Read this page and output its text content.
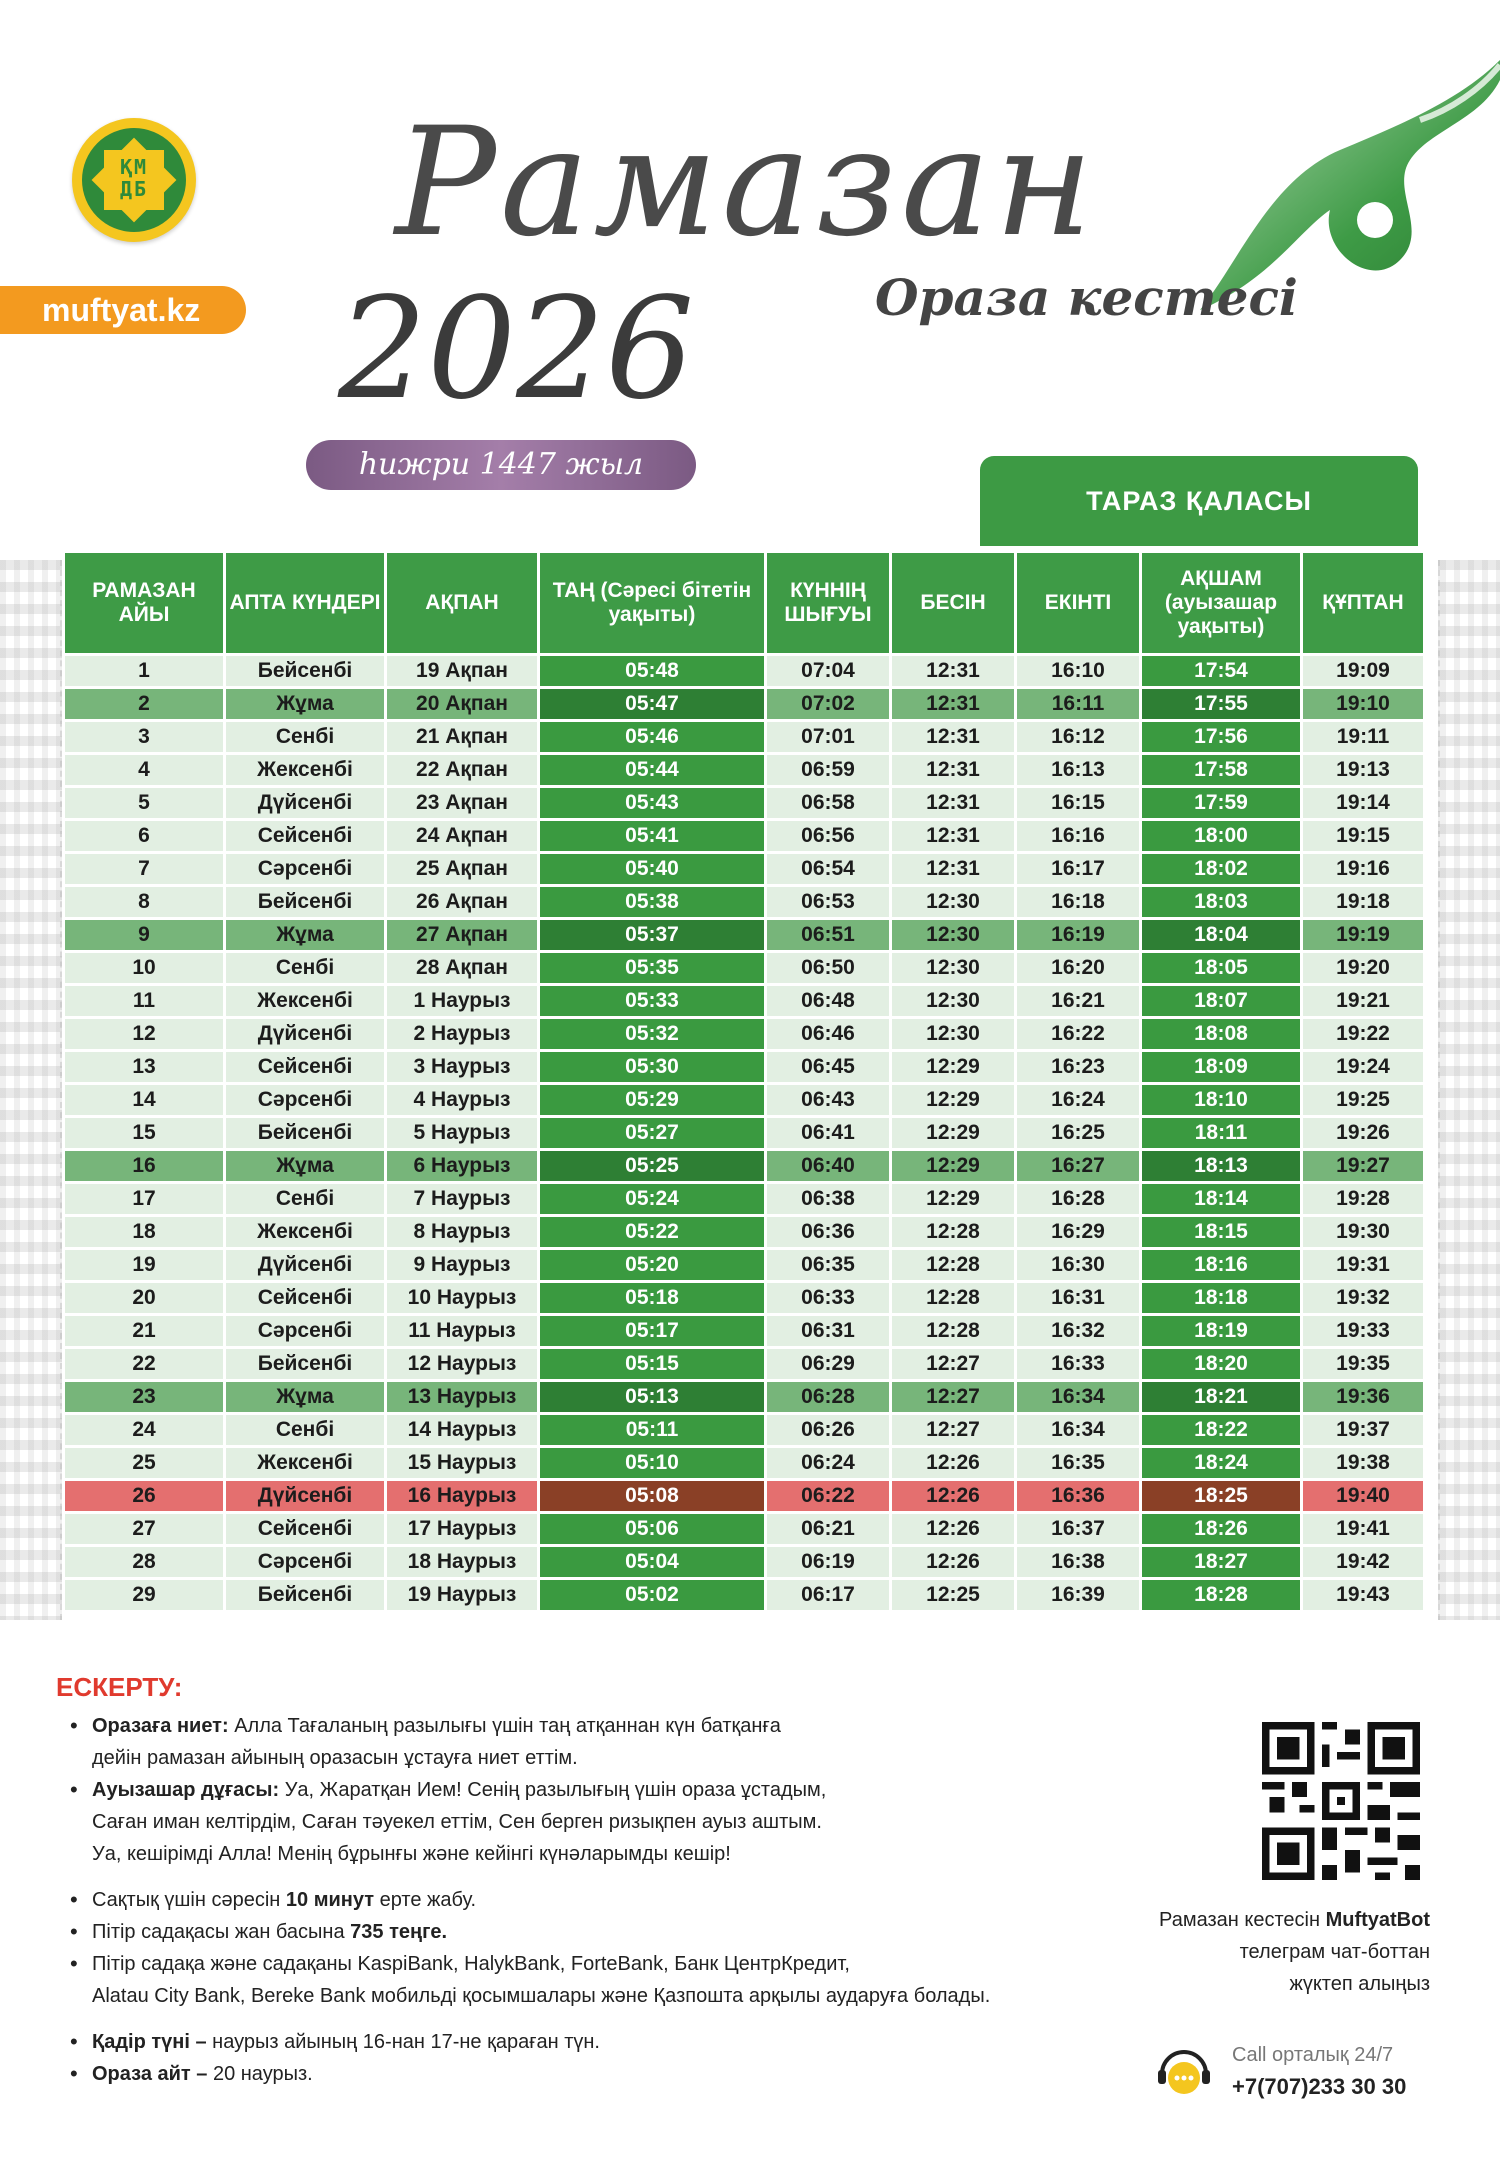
ҚМ
ДБ
muftyat.kz
Рамазан
Ораза кестесі
2026
һижри 1447 жыл
ТАРАЗ ҚАЛАСЫ
РАМАЗАН АЙЫ	АПТА КҮНДЕРІ	АҚПАН	ТАҢ (Сәресі бітетін уақыты)	КҮННІҢ ШЫҒУЫ	БЕСІН	ЕКІНТІ	АҚШАМ (ауызашар уақыты)	ҚҰПТАН
1	Бейсенбі	19 Ақпан	05:48	07:04	12:31	16:10	17:54	19:09
2	Жұма	20 Ақпан	05:47	07:02	12:31	16:11	17:55	19:10
3	Сенбі	21 Ақпан	05:46	07:01	12:31	16:12	17:56	19:11
4	Жексенбі	22 Ақпан	05:44	06:59	12:31	16:13	17:58	19:13
5	Дүйсенбі	23 Ақпан	05:43	06:58	12:31	16:15	17:59	19:14
6	Сейсенбі	24 Ақпан	05:41	06:56	12:31	16:16	18:00	19:15
7	Сәрсенбі	25 Ақпан	05:40	06:54	12:31	16:17	18:02	19:16
8	Бейсенбі	26 Ақпан	05:38	06:53	12:30	16:18	18:03	19:18
9	Жұма	27 Ақпан	05:37	06:51	12:30	16:19	18:04	19:19
10	Сенбі	28 Ақпан	05:35	06:50	12:30	16:20	18:05	19:20
11	Жексенбі	1 Наурыз	05:33	06:48	12:30	16:21	18:07	19:21
12	Дүйсенбі	2 Наурыз	05:32	06:46	12:30	16:22	18:08	19:22
13	Сейсенбі	3 Наурыз	05:30	06:45	12:29	16:23	18:09	19:24
14	Сәрсенбі	4 Наурыз	05:29	06:43	12:29	16:24	18:10	19:25
15	Бейсенбі	5 Наурыз	05:27	06:41	12:29	16:25	18:11	19:26
16	Жұма	6 Наурыз	05:25	06:40	12:29	16:27	18:13	19:27
17	Сенбі	7 Наурыз	05:24	06:38	12:29	16:28	18:14	19:28
18	Жексенбі	8 Наурыз	05:22	06:36	12:28	16:29	18:15	19:30
19	Дүйсенбі	9 Наурыз	05:20	06:35	12:28	16:30	18:16	19:31
20	Сейсенбі	10 Наурыз	05:18	06:33	12:28	16:31	18:18	19:32
21	Сәрсенбі	11 Наурыз	05:17	06:31	12:28	16:32	18:19	19:33
22	Бейсенбі	12 Наурыз	05:15	06:29	12:27	16:33	18:20	19:35
23	Жұма	13 Наурыз	05:13	06:28	12:27	16:34	18:21	19:36
24	Сенбі	14 Наурыз	05:11	06:26	12:27	16:34	18:22	19:37
25	Жексенбі	15 Наурыз	05:10	06:24	12:26	16:35	18:24	19:38
26	Дүйсенбі	16 Наурыз	05:08	06:22	12:26	16:36	18:25	19:40
27	Сейсенбі	17 Наурыз	05:06	06:21	12:26	16:37	18:26	19:41
28	Сәрсенбі	18 Наурыз	05:04	06:19	12:26	16:38	18:27	19:42
29	Бейсенбі	19 Наурыз	05:02	06:17	12:25	16:39	18:28	19:43
ЕСКЕРТУ:
• Оразаға ниет: Алла Тағаланың разылығы үшін таң атқаннан күн батқанға
дейін рамазан айының оразасын ұстауға ниет еттім.
• Ауызашар дұғасы: Уа, Жаратқан Ием! Сенің разылығың үшін ораза ұстадым,
Саған иман келтірдім, Саған тәуекел еттім, Сен берген ризықпен ауыз аштым.
Уа, кешірімді Алла! Менің бұрынғы және кейінгі күнәларымды кешір!
• Сақтық үшін сәресін 10 минут ерте жабу.
• Пітір садақасы жан басына 735 теңге.
• Пітір садақа және садақаны KaspiBank, HalykBank, ForteBank, Банк ЦентрКредит,
Alatau City Bank, Bereke Bank мобильді қосымшалары және Қазпошта арқылы аударуға болады.
• Қадір түні – наурыз айының 16-нан 17-не қараған түн.
• Ораза айт – 20 наурыз.
Рамазан кестесін MuftyatBot
телеграм чат-боттан
жүктеп алыңыз
Call орталық 24/7
+7(707)233 30 30
